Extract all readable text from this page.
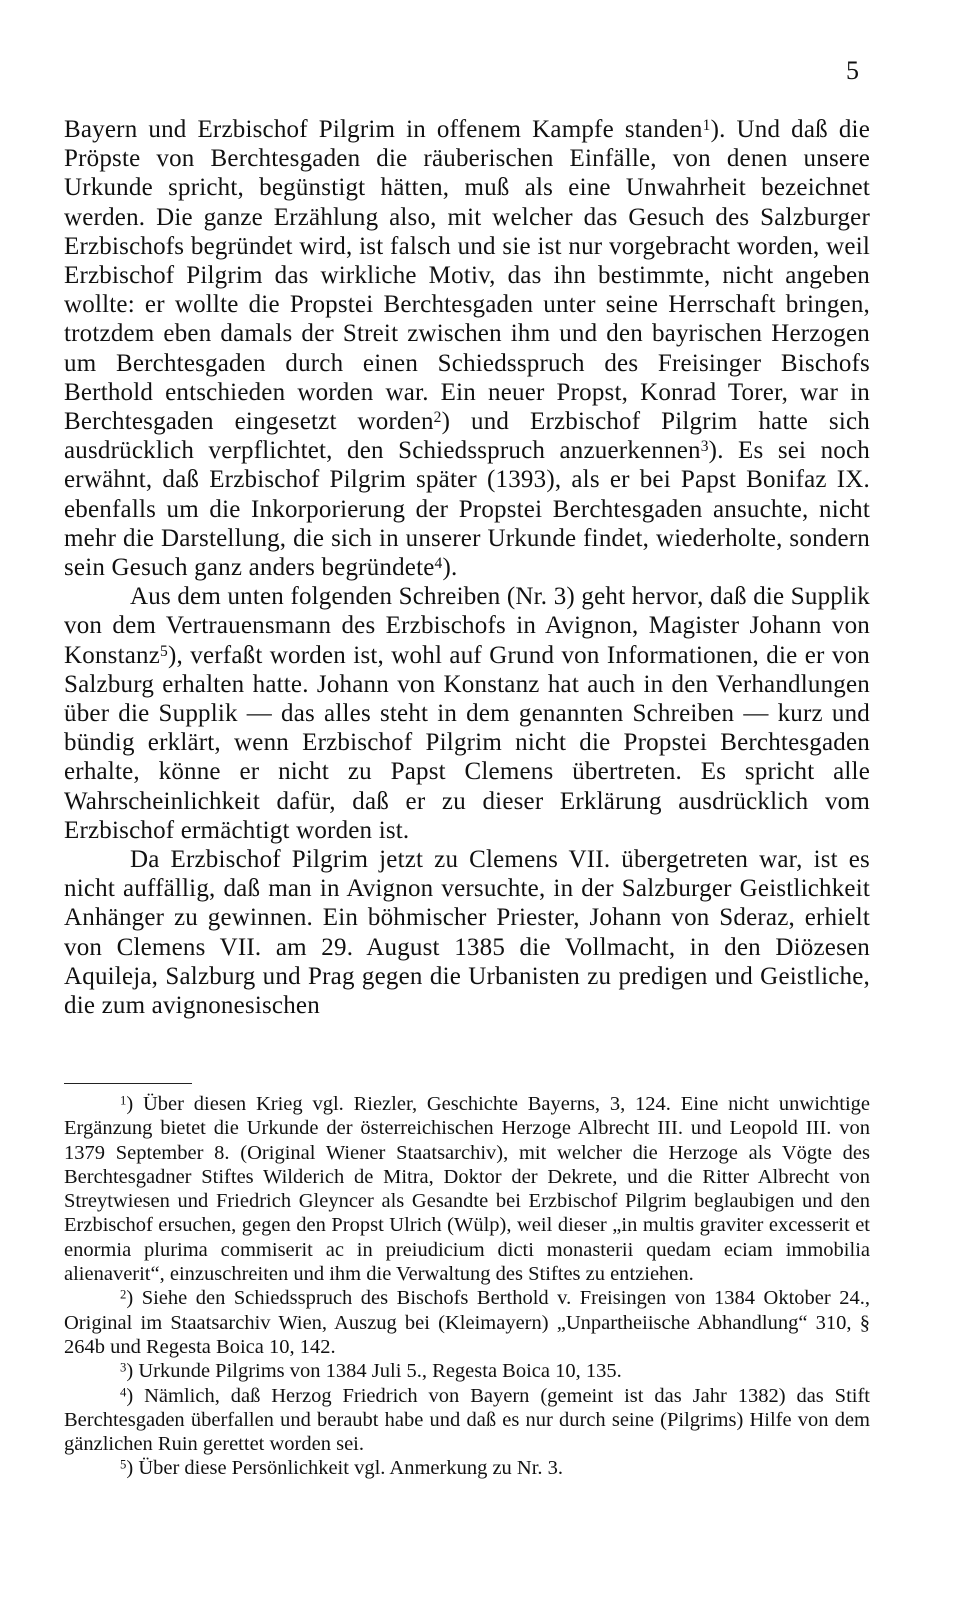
5

Bayern und Erzbischof Pilgrim in offenem Kampfe standen$^1$). Und daß die Pröpste von Berchtesgaden die räuberischen Einfälle, von denen unsere Urkunde spricht, begünstigt hätten, muß als eine Unwahrheit bezeichnet werden. Die ganze Erzählung also, mit welcher das Gesuch des Salzburger Erzbischofs begründet wird, ist falsch und sie ist nur vorgebracht worden, weil Erzbischof Pilgrim das wirkliche Motiv, das ihn bestimmte, nicht angeben wollte: er wollte die Propstei Berchtesgaden unter seine Herrschaft bringen, trotzdem eben damals der Streit zwischen ihm und den bayrischen Herzogen um Berchtesgaden durch einen Schiedsspruch des Freisinger Bischofs Berthold entschieden worden war. Ein neuer Propst, Konrad Torer, war in Berchtesgaden eingesetzt worden$^2$) und Erzbischof Pilgrim hatte sich ausdrücklich verpflichtet, den Schiedsspruch anzuerkennen$^3$). Es sei noch erwähnt, daß Erzbischof Pilgrim später (1393), als er bei Papst Bonifaz IX. ebenfalls um die Inkorporierung der Propstei Berchtesgaden ansuchte, nicht mehr die Darstellung, die sich in unserer Urkunde findet, wiederholte, sondern sein Gesuch ganz anders begründete$^4$).

Aus dem unten folgenden Schreiben (Nr. 3) geht hervor, daß die Supplik von dem Vertrauensmann des Erzbischofs in Avignon, Magister Johann von Konstanz$^5$), verfaßt worden ist, wohl auf Grund von Informationen, die er von Salzburg erhalten hatte. Johann von Konstanz hat auch in den Verhandlungen über die Supplik — das alles steht in dem genannten Schreiben — kurz und bündig erklärt, wenn Erzbischof Pilgrim nicht die Propstei Berchtesgaden erhalte, könne er nicht zu Papst Clemens übertreten. Es spricht alle Wahrscheinlichkeit dafür, daß er zu dieser Erklärung ausdrücklich vom Erzbischof ermächtigt worden ist.

Da Erzbischof Pilgrim jetzt zu Clemens VII. übergetreten war, ist es nicht auffällig, daß man in Avignon versuchte, in der Salzburger Geistlichkeit Anhänger zu gewinnen. Ein böhmischer Priester, Johann von Sderaz, erhielt von Clemens VII. am 29. August 1385 die Vollmacht, in den Diözesen Aquileja, Salzburg und Prag gegen die Urbanisten zu predigen und Geistliche, die zum avignonesischen

$^1$) Über diesen Krieg vgl. Riezler, Geschichte Bayerns, 3, 124. Eine nicht unwichtige Ergänzung bietet die Urkunde der österreichischen Herzoge Albrecht III. und Leopold III. von 1379 September 8. (Original Wiener Staatsarchiv), mit welcher die Herzoge als Vögte des Berchtesgadner Stiftes Wilderich de Mitra, Doktor der Dekrete, und die Ritter Albrecht von Streytwiesen und Friedrich Gleyncer als Gesandte bei Erzbischof Pilgrim beglaubigen und den Erzbischof ersuchen, gegen den Propst Ulrich (Wülp), weil dieser „in multis graviter excesserit et enormia plurima commiserit ac in preiudicium dicti monasterii quedam eciam immobilia alienaverit“, einzuschreiten und ihm die Verwaltung des Stiftes zu entziehen.

$^2$) Siehe den Schiedsspruch des Bischofs Berthold v. Freisingen von 1384 Oktober 24., Original im Staatsarchiv Wien, Auszug bei (Kleimayern) „Unpartheiische Abhandlung“ 310, § 264b und Regesta Boica 10, 142.

$^3$) Urkunde Pilgrims von 1384 Juli 5., Regesta Boica 10, 135.

$^4$) Nämlich, daß Herzog Friedrich von Bayern (gemeint ist das Jahr 1382) das Stift Berchtesgaden überfallen und beraubt habe und daß es nur durch seine (Pilgrims) Hilfe von dem gänzlichen Ruin gerettet worden sei.

$^5$) Über diese Persönlichkeit vgl. Anmerkung zu Nr. 3.
